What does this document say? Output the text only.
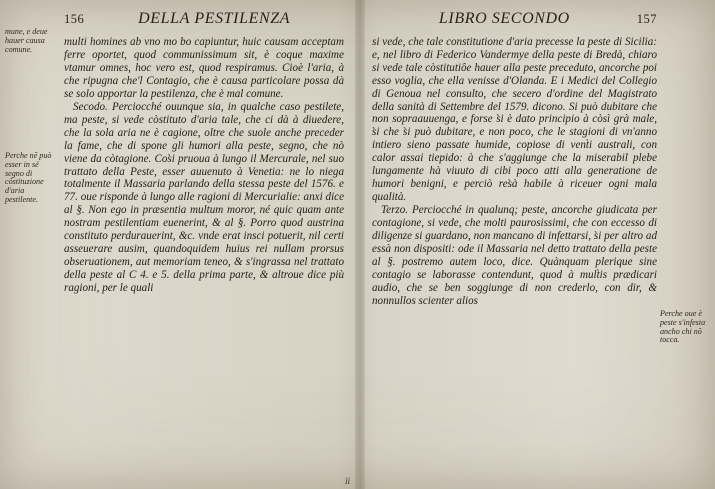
156	DELLA PESTILENZA

multi homines ab vno mo bo capiuntur, huic causam acceptam ferre oportet, quod communissimum sit, è coque maxime vtamur omnes, hoc vero est, quod respiramus. Cioè l'aria, à che ripugna che'l Contagio, che è causa particolare possa dà se solo apportar la pestilenza, che è mal comune.

Secodo. Perciocché ouunque sia, in qualche caso pestilete, ma peste, si vede còstituto d'aria tale, che ci dà à diuedere, che la sola aria ne è cagione, oltre che suole anche preceder la fame, che di spone gli humori alla peste, segno, che nò viene da còtagione. Cos̀i pruoua à lungo il Mercurale, nel suo trattato della Peste, esser auuenuto à Venetia: ne lo niega totalmente il Massaria parlando della stessa peste del 1576. e 77. oue risponde à lungo alle ragioni di Mercurialie: anxi dice al §. Non ego in præsentia multum moror, né quic quam ante nostram pestilentiam euenerint, & al §. Porro quod austrina constituto perdurauerint, &c. vnde erat insci potuerit, nil certi asseuerare ausim, quandoquidem huius rei nullam prorsus obseruationem, aut memoriam teneo, & s'ingrassa nel trattato della peste al C 4. e 5. della prima parte, & altroue dice più ragioni, per le quali

ii
mune, e deue hauer causa comune.
Perche nẽ può esser in sé segno di cõstituzione d'aria pestilente.
LIBRO SECONDO	157

si vede, che tale constitutione d'aria precesse la peste di Sicilia: e, nel libro di Federico Vandermye della peste di Bredà, chiaro si vede tale còstitutiôe hauer alla peste preceduto, ancorche poi esso voglia, che ella venisse d'Olanda. E i Medici del Collegio di Genoua nel consulto, che secero d'ordine del Magistrato della sanità di Settembre del 1579. dicono. Si può dubitare che non sopraauuenga, e forse s̀i è dato principio à còsì grà male, s̀i che s̀i può dubitare, e non poco, che le stagioni di vn'anno intiero sieno passate humide, copiose di vent̀i australi, con calor assai tiepido: à che s'aggiunge che la miserabil plebe lungamente hà viuuto di cibi poco atti alla generatione de humori benigni, e perciò res̀à habile à riceuer ogni mala qualità.

Terzo. Perciocché in qualunq; peste, ancorche giudicata per contagione, si vede, che molti paurosissimi, che con eccesso di diligenze si guardano, non mancano di infettarsi, s̀i per altro ad essà non dispositi: ode il Massaria nel detto trattato della peste al §. postremo autem loco, dice. Quànquam plerique sine contagio se laborasse contendunt, quod à mult̀is prædicari audio, che se ben soggiunge di non crederlo, con dir, & nonnullos scienter alios

Perche oue è peste s'infesta ancho chi nõ tocca.
